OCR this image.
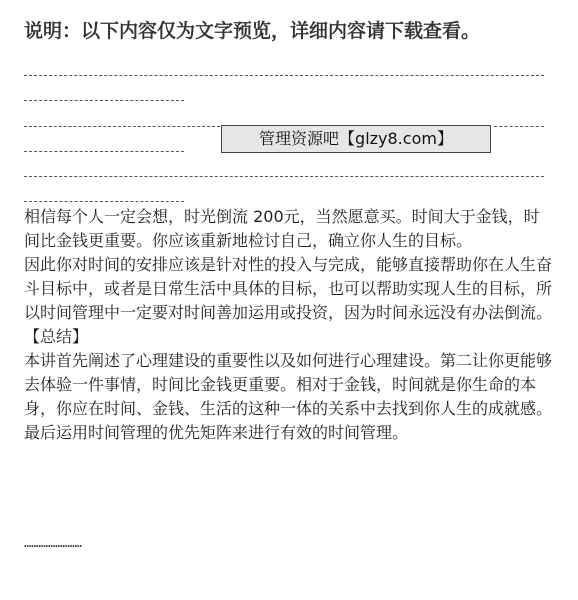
说明：以下内容仅为文字预览，详细内容请下载查看。
管理资源吧【glzy8.com】

相信每个人一定会想，时光倒流 200元，当然愿意买。时间大于金钱，时间比金钱更重要。你应该重新地检讨自己，确立你人生的目标。

因此你对时间的安排应该是针对性的投入与完成，能够直接帮助你在人生奋斗目标中，或者是日常生活中具体的目标，也可以帮助实现人生的目标，所以时间管理中一定要对时间善加运用或投资，因为时间永远没有办法倒流。

【总结】

本讲首先阐述了心理建设的重要性以及如何进行心理建设。第二让你更能够去体验一件事情，时间比金钱更重要。相对于金钱，时间就是你生命的本身，你应在时间、金钱、生活的这种一体的关系中去找到你人生的成就感。最后运用时间管理的优先矩阵来进行有效的时间管理。

……………………
